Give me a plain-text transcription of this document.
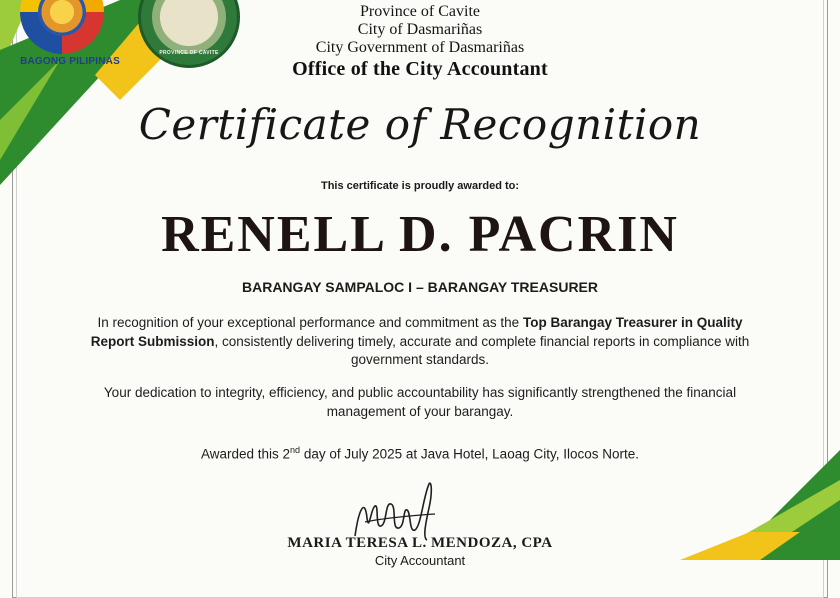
BAGONG PILIPINAS
PROVINCE OF CAVITE
Province of Cavite
City of Dasmariñas
City Government of Dasmariñas
Office of the City Accountant
Certificate of Recognition
This certificate is proudly awarded to:
RENELL D. PACRIN
BARANGAY SAMPALOC I – BARANGAY TREASURER
In recognition of your exceptional performance and commitment as the Top Barangay Treasurer in Quality Report Submission, consistently delivering timely, accurate and complete financial reports in compliance with government standards.
Your dedication to integrity, efficiency, and public accountability has significantly strengthened the financial management of your barangay.
Awarded this 2nd day of July 2025 at Java Hotel, Laoag City, Ilocos Norte.
MARIA TERESA L. MENDOZA, CPA
City Accountant
